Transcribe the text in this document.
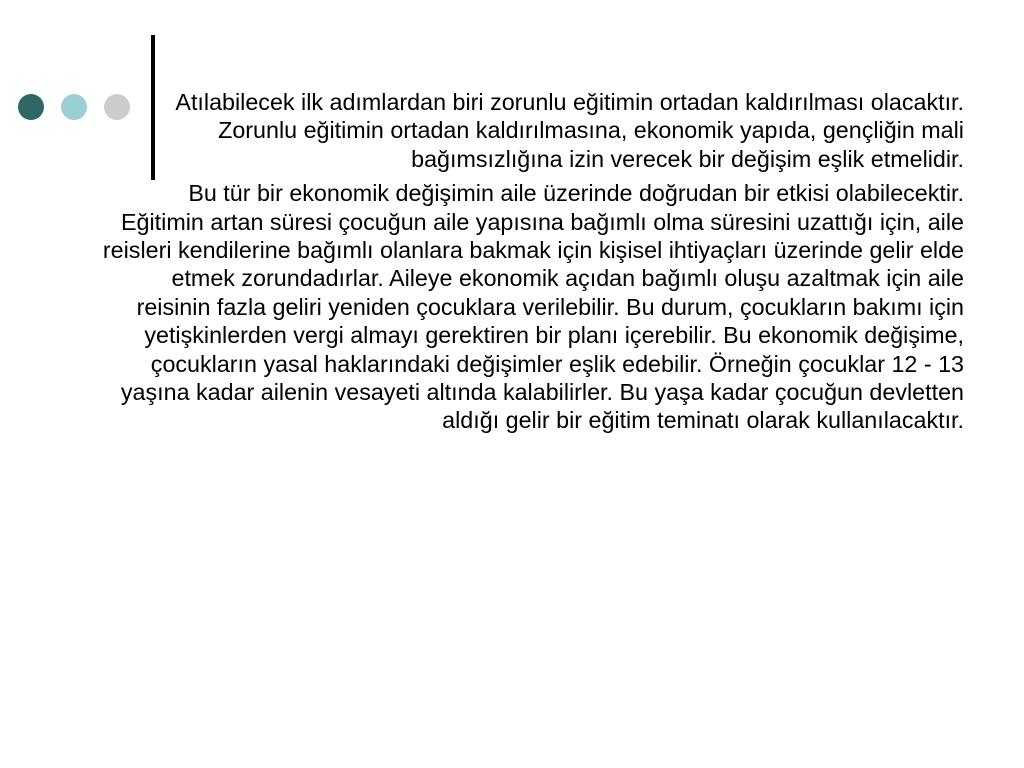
Atılabilecek ilk adımlardan biri zorunlu eğitimin ortadan kaldırılması olacaktır. Zorunlu eğitimin ortadan kaldırılmasına, ekonomik yapıda, gençliğin mali bağımsızlığına izin verecek bir değişim eşlik etmelidir.

Bu tür bir ekonomik değişimin aile üzerinde doğrudan bir etkisi olabilecektir. Eğitimin artan süresi çocuğun aile yapısına bağımlı olma süresini uzattığı için, aile reisleri kendilerine bağımlı olanlara bakmak için kişisel ihtiyaçları üzerinde gelir elde etmek zorundadırlar. Aileye ekonomik açıdan bağımlı oluşu azaltmak için aile reisinin fazla geliri yeniden çocuklara verilebilir. Bu durum, çocukların bakımı için yetişkinlerden vergi almayı gerektiren bir planı içerebilir. Bu ekonomik değişime, çocukların yasal haklarındaki değişimler eşlik edebilir. Örneğin çocuklar 12 - 13 yaşına kadar ailenin vesayeti altında kalabilirler. Bu yaşa kadar çocuğun devletten aldığı gelir bir eğitim teminatı olarak kullanılacaktır.
